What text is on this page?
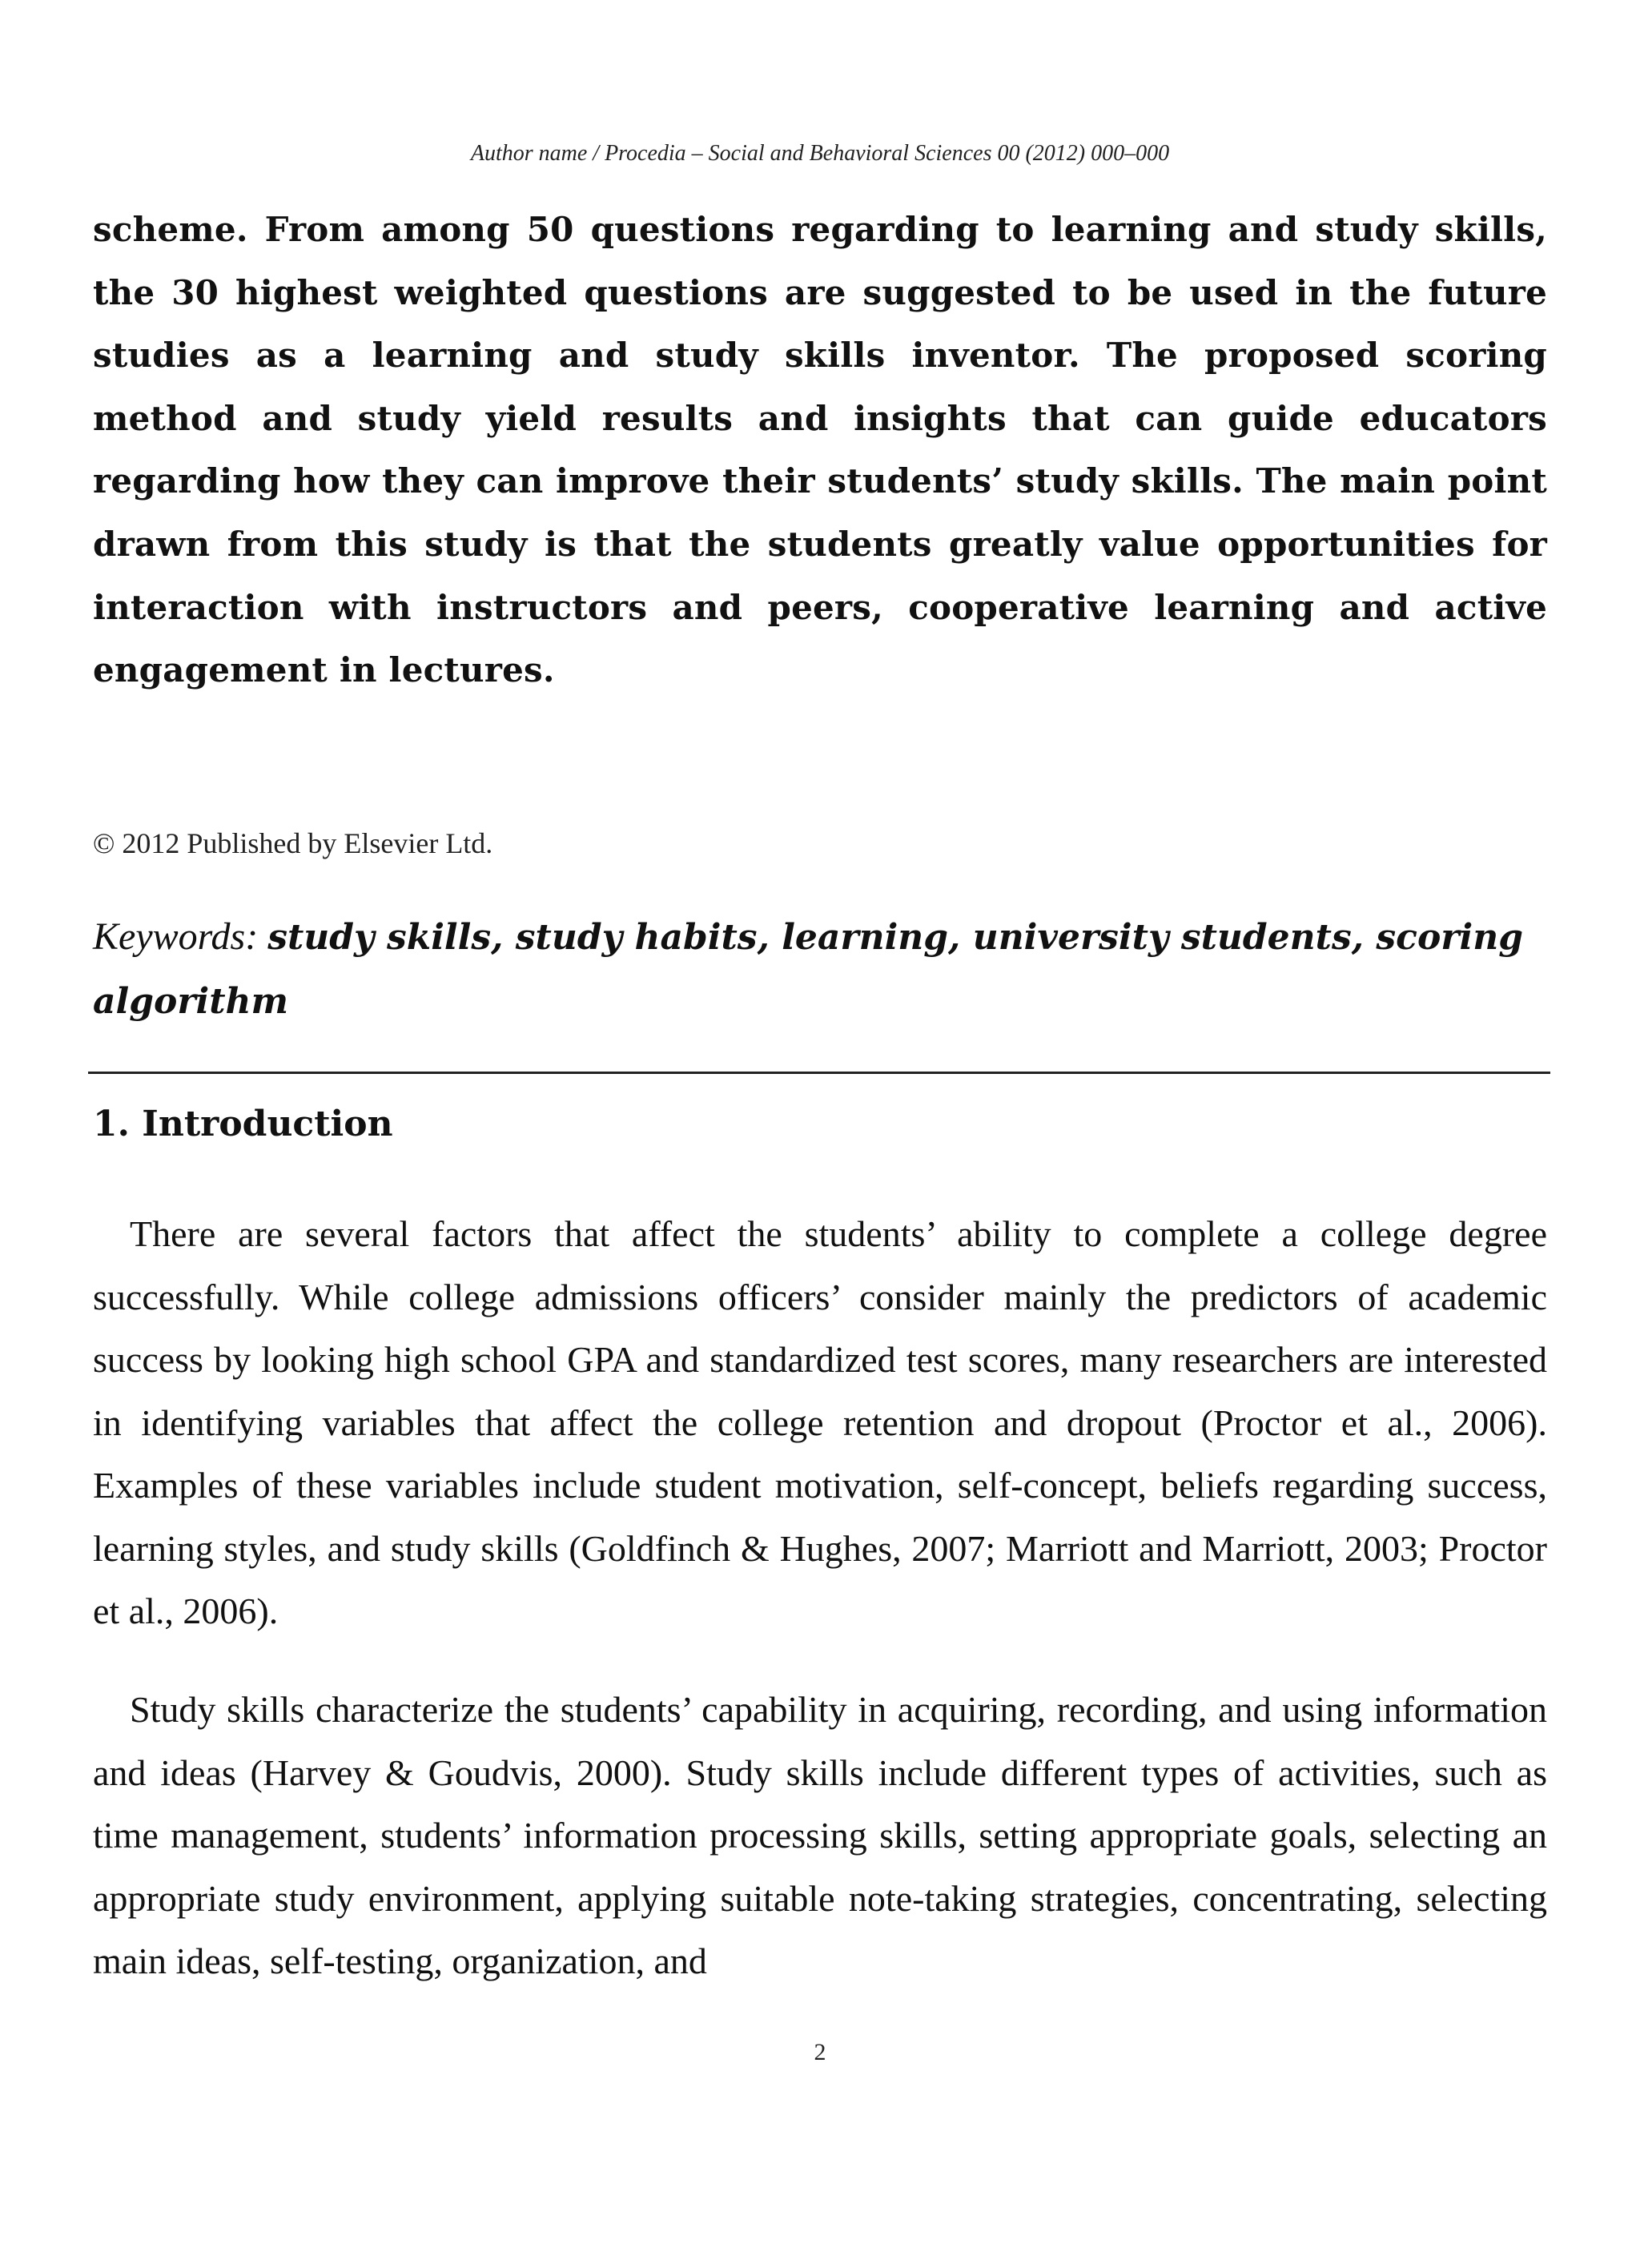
Author name / Procedia – Social and Behavioral Sciences 00 (2012) 000–000

scheme. From among 50 questions regarding to learning and study skills, the 30 highest weighted questions are suggested to be used in the future studies as a learning and study skills inventor. The proposed scoring method and study yield results and insights that can guide educators regarding how they can improve their students’ study skills. The main point drawn from this study is that the students greatly value opportunities for interaction with instructors and peers, cooperative learning and active engagement in lectures.

© 2012 Published by Elsevier Ltd.
Keywords: study skills, study habits, learning, university students, scoring algorithm
1. Introduction

There are several factors that affect the students’ ability to complete a college degree successfully. While college admissions officers’ consider mainly the predictors of academic success by looking high school GPA and standardized test scores, many researchers are interested in identifying variables that affect the college retention and dropout (Proctor et al., 2006). Examples of these variables include student motivation, self-concept, beliefs regarding success, learning styles, and study skills (Goldfinch & Hughes, 2007; Marriott and Marriott, 2003; Proctor et al., 2006).

Study skills characterize the students’ capability in acquiring, recording, and using information and ideas (Harvey & Goudvis, 2000). Study skills include different types of activities, such as time management, students’ information processing skills, setting appropriate goals, selecting an appropriate study environment, applying suitable note-taking strategies, concentrating, selecting main ideas, self-testing, organization, and

2
